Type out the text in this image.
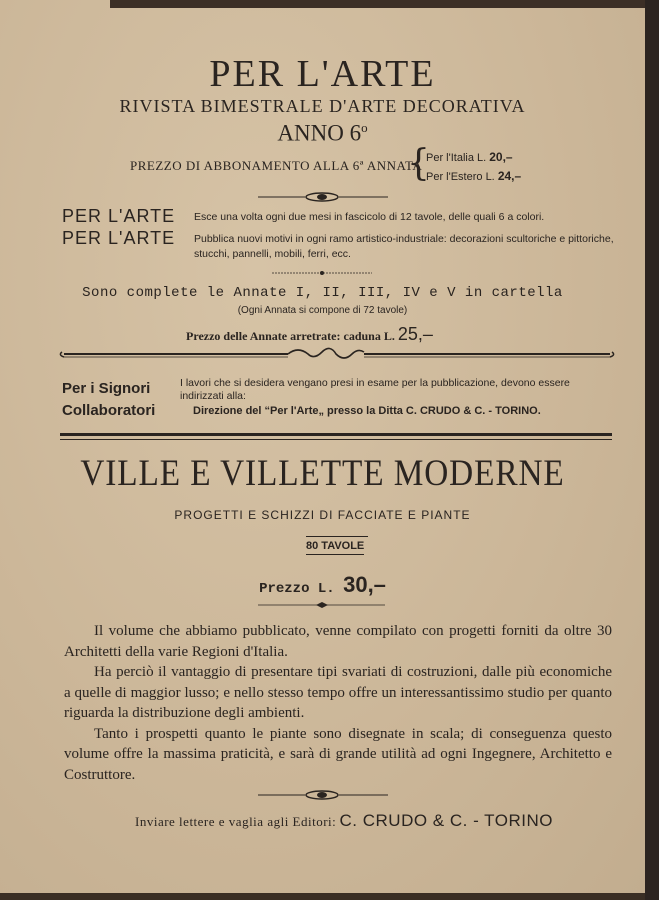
PER L'ARTE
RIVISTA BIMESTRALE D'ARTE DECORATIVA
ANNO 6$^o$
PREZZO DI ABBONAMENTO ALLA 6ª ANNATA
{
Per l'Italia L. 20,–
Per l'Estero L. 24,–
PER L'ARTE Esce una volta ogni due mesi in fascicolo di 12 tavole, delle quali 6 a colori.
PER L'ARTE Pubblica nuovi motivi in ogni ramo artistico-industriale: decorazioni scultoriche e pittoriche, stucchi, pannelli, mobili, ferri, ecc.
Sono complete le Annate I, II, III, IV e V in cartella
(Ogni Annata si compone di 72 tavole)
Prezzo delle Annate arretrate: caduna L. 25,–
Per i Signori
Collaboratori
I lavori che si desidera vengano presi in esame per la pubblicazione, devono essere indirizzati alla:
Direzione del “Per l'Arte„ presso la Ditta C. CRUDO & C. - TORINO.
VILLE E VILLETTE MODERNE
PROGETTI E SCHIZZI DI FACCIATE E PIANTE
80 TAVOLE
Prezzo L. 30,–

Il volume che abbiamo pubblicato, venne compilato con progetti forniti da oltre 30 Architetti della varie Regioni d'Italia.

Ha perciò il vantaggio di presentare tipi svariati di costruzioni, dalle più economiche a quelle di maggior lusso; e nello stesso tempo offre un interessantissimo studio per quanto riguarda la distribuzione degli ambienti.

Tanto i prospetti quanto le piante sono disegnate in scala; di conseguenza questo volume offre la massima praticità, e sarà di grande utilità ad ogni Ingegnere, Architetto e Costruttore.

Inviare lettere e vaglia agli Editori: C. CRUDO & C. - TORINO
